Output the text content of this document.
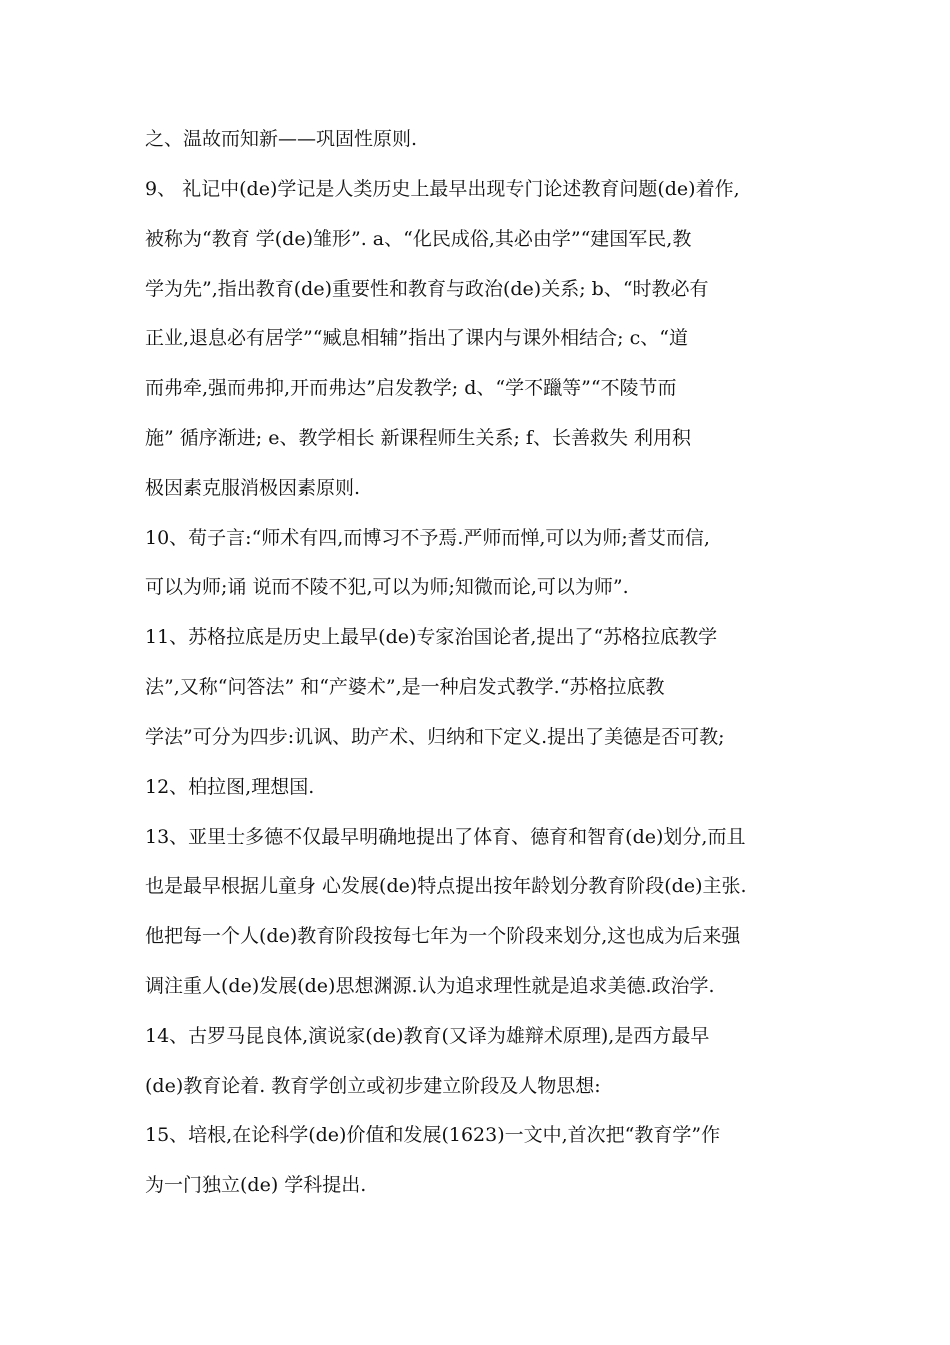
之、温故而知新——巩固性原则.
9、 礼记中(de)学记是人类历史上最早出现专门论述教育问题(de)着作,
被称为“教育 学(de)雏形”. a、“化民成俗,其必由学”“建国军民,教
学为先”,指出教育(de)重要性和教育与政治(de)关系; b、“时教必有
正业,退息必有居学”“臧息相辅”指出了课内与课外相结合; c、“道
而弗牵,强而弗抑,开而弗达”启发教学; d、“学不躐等”“不陵节而
施” 循序渐进; e、教学相长 新课程师生关系; f、长善救失 利用积
极因素克服消极因素原则.
10、荀子言:“师术有四,而博习不予焉.严师而惮,可以为师;耆艾而信,
可以为师;诵 说而不陵不犯,可以为师;知微而论,可以为师”.
11、苏格拉底是历史上最早(de)专家治国论者,提出了“苏格拉底教学
法”,又称“问答法” 和“产婆术”,是一种启发式教学.“苏格拉底教
学法”可分为四步:讥讽、助产术、归纳和下定义.提出了美德是否可教;
12、柏拉图,理想国.
13、亚里士多德不仅最早明确地提出了体育、德育和智育(de)划分,而且
也是最早根据儿童身 心发展(de)特点提出按年龄划分教育阶段(de)主张.
他把每一个人(de)教育阶段按每七年为一个阶段来划分,这也成为后来强
调注重人(de)发展(de)思想渊源.认为追求理性就是追求美德.政治学.
14、古罗马昆良体,演说家(de)教育(又译为雄辩术原理),是西方最早
(de)教育论着. 教育学创立或初步建立阶段及人物思想:
15、培根,在论科学(de)价值和发展(1623)一文中,首次把“教育学”作
为一门独立(de) 学科提出.
